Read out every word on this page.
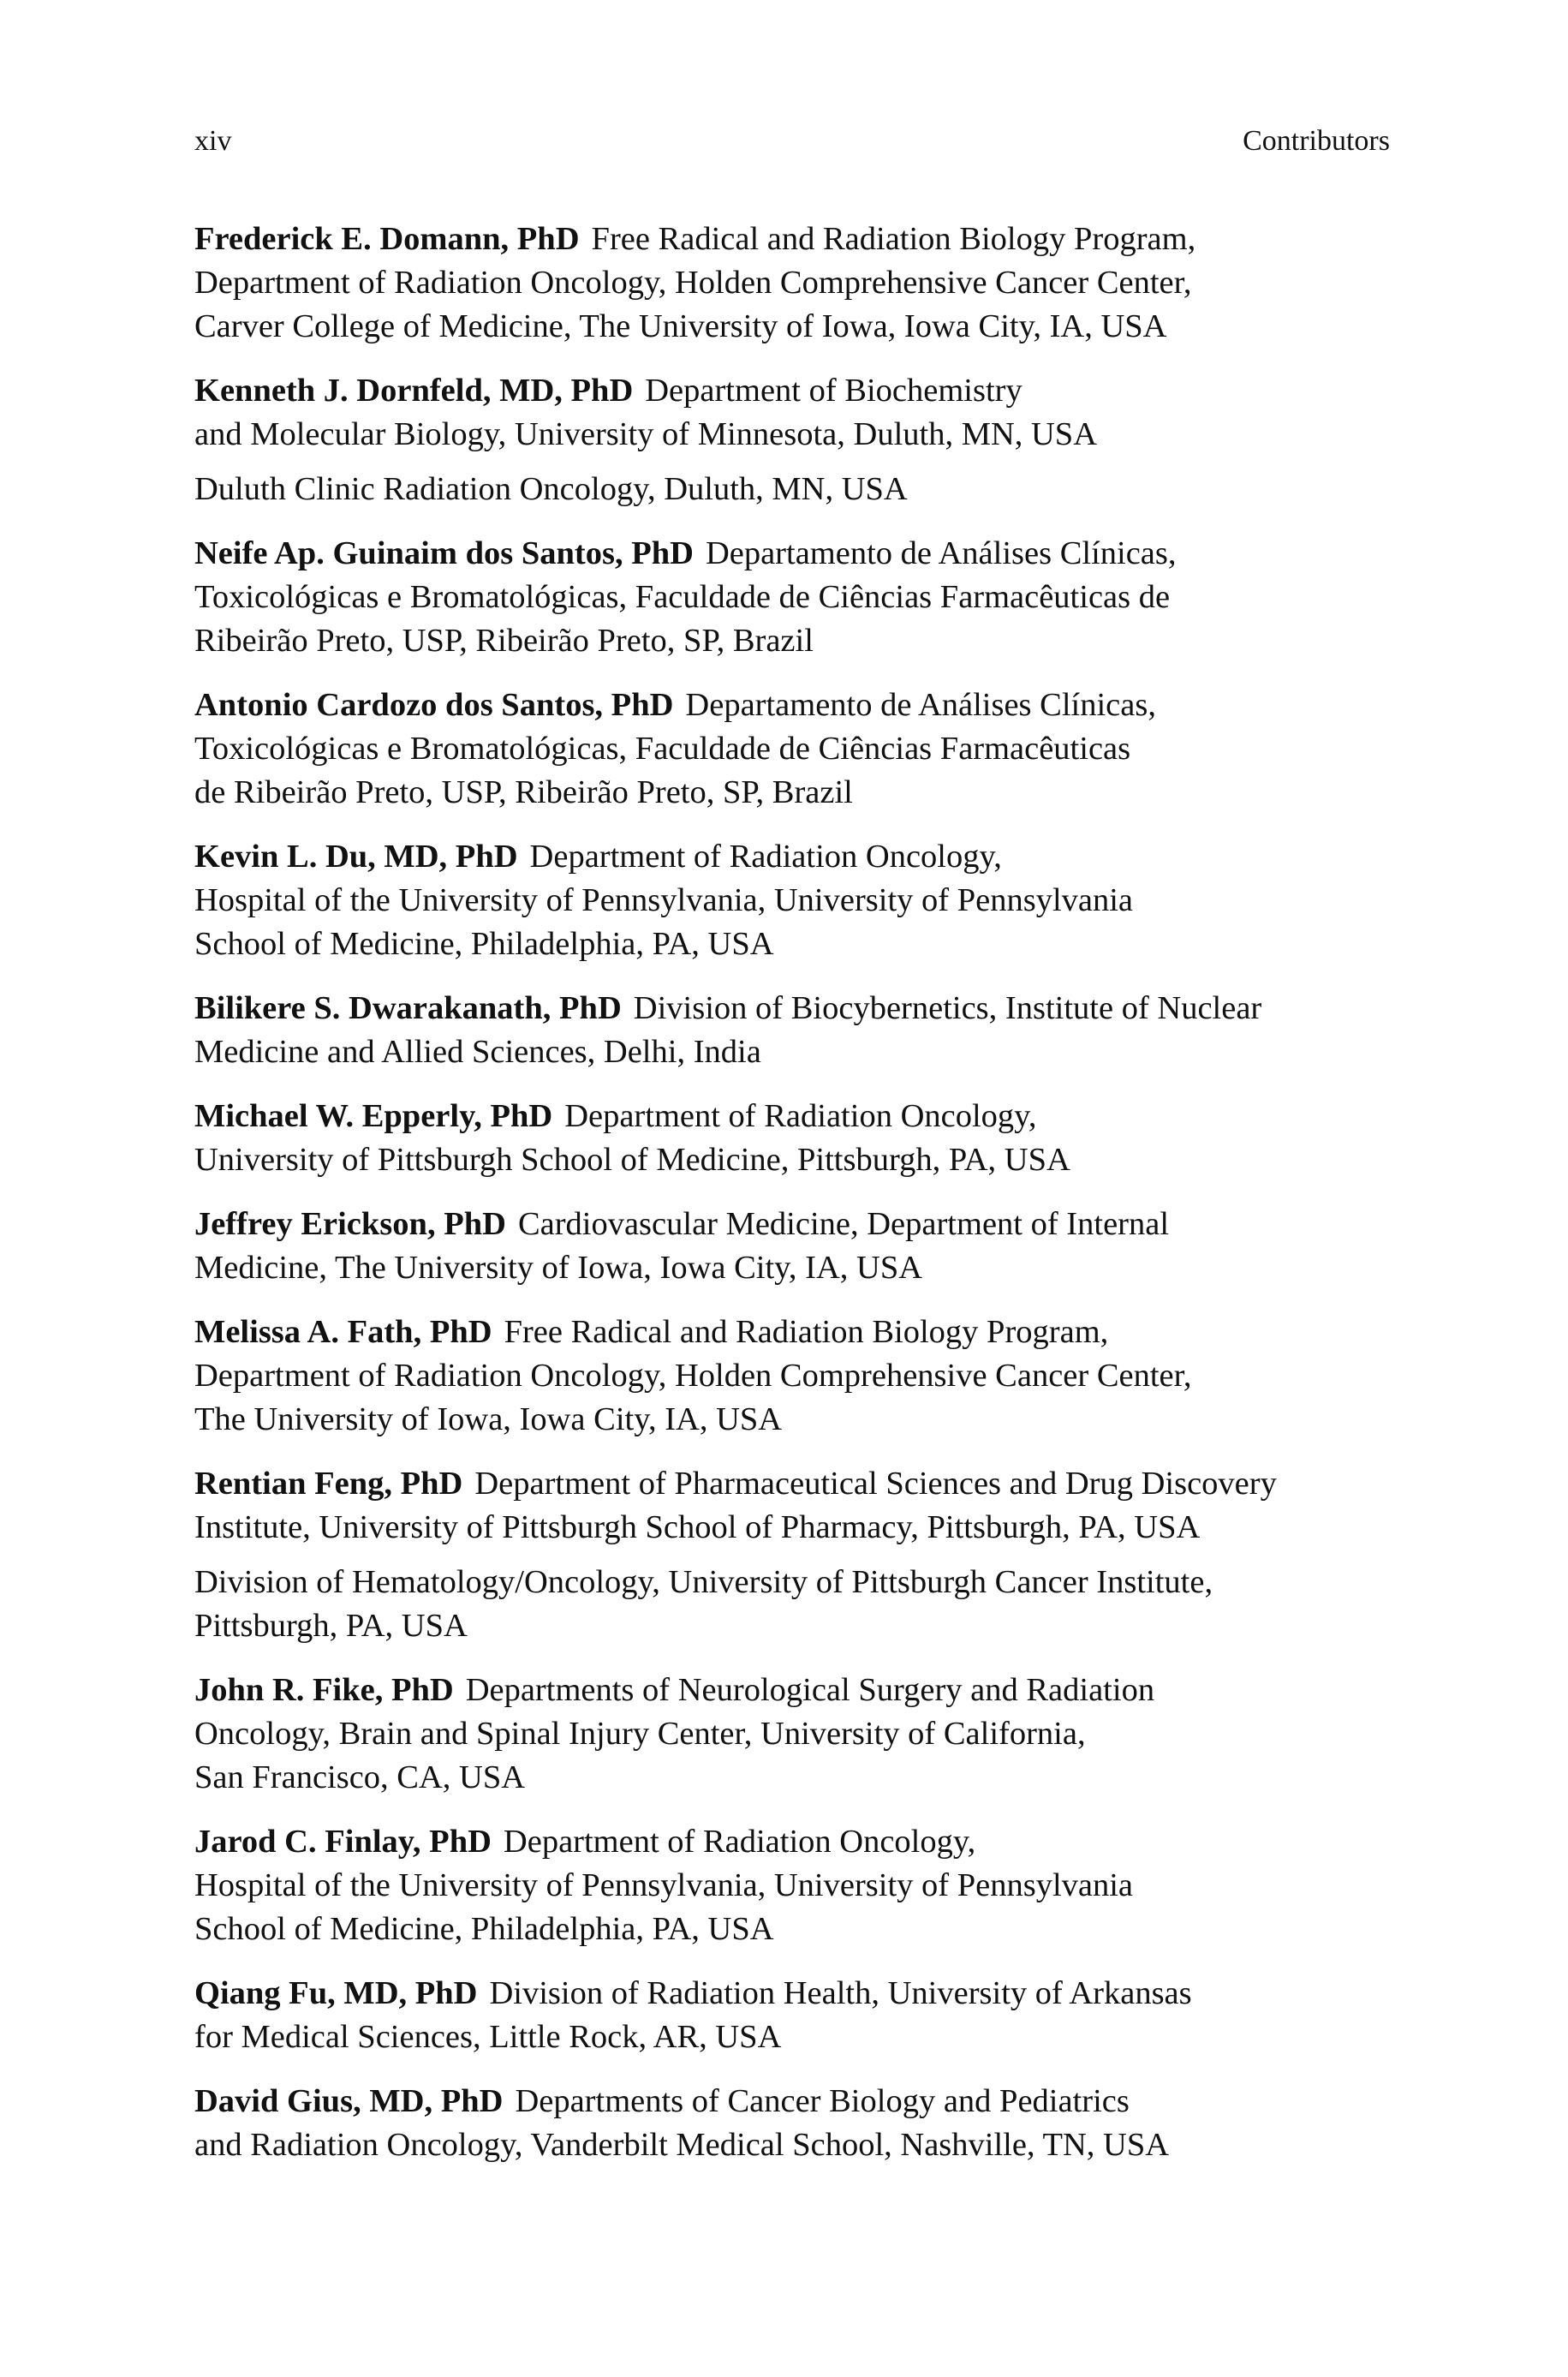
xiv	Contributors
Frederick E. Domann, PhD Free Radical and Radiation Biology Program,
Department of Radiation Oncology, Holden Comprehensive Cancer Center,
Carver College of Medicine, The University of Iowa, Iowa City, IA, USA
Kenneth J. Dornfeld, MD, PhD Department of Biochemistry
and Molecular Biology, University of Minnesota, Duluth, MN, USA
Duluth Clinic Radiation Oncology, Duluth, MN, USA
Neife Ap. Guinaim dos Santos, PhD Departamento de Análises Clínicas,
Toxicológicas e Bromatológicas, Faculdade de Ciências Farmacêuticas de
Ribeirão Preto, USP, Ribeirão Preto, SP, Brazil
Antonio Cardozo dos Santos, PhD Departamento de Análises Clínicas,
Toxicológicas e Bromatológicas, Faculdade de Ciências Farmacêuticas
de Ribeirão Preto, USP, Ribeirão Preto, SP, Brazil
Kevin L. Du, MD, PhD Department of Radiation Oncology,
Hospital of the University of Pennsylvania, University of Pennsylvania
School of Medicine, Philadelphia, PA, USA
Bilikere S. Dwarakanath, PhD Division of Biocybernetics, Institute of Nuclear
Medicine and Allied Sciences, Delhi, India
Michael W. Epperly, PhD Department of Radiation Oncology,
University of Pittsburgh School of Medicine, Pittsburgh, PA, USA
Jeffrey Erickson, PhD Cardiovascular Medicine, Department of Internal
Medicine, The University of Iowa, Iowa City, IA, USA
Melissa A. Fath, PhD Free Radical and Radiation Biology Program,
Department of Radiation Oncology, Holden Comprehensive Cancer Center,
The University of Iowa, Iowa City, IA, USA
Rentian Feng, PhD Department of Pharmaceutical Sciences and Drug Discovery
Institute, University of Pittsburgh School of Pharmacy, Pittsburgh, PA, USA
Division of Hematology/Oncology, University of Pittsburgh Cancer Institute,
Pittsburgh, PA, USA
John R. Fike, PhD Departments of Neurological Surgery and Radiation
Oncology, Brain and Spinal Injury Center, University of California,
San Francisco, CA, USA
Jarod C. Finlay, PhD Department of Radiation Oncology,
Hospital of the University of Pennsylvania, University of Pennsylvania
School of Medicine, Philadelphia, PA, USA
Qiang Fu, MD, PhD Division of Radiation Health, University of Arkansas
for Medical Sciences, Little Rock, AR, USA
David Gius, MD, PhD Departments of Cancer Biology and Pediatrics
and Radiation Oncology, Vanderbilt Medical School, Nashville, TN, USA
